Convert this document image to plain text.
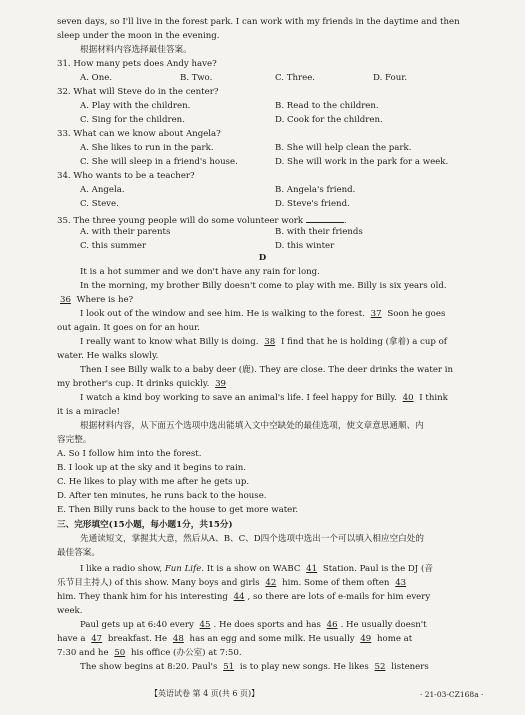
seven days, so I'll live in the forest park. I can work with my friends in the daytime and then
sleep under the moon in the evening.
根据材料内容选择最佳答案。
31. How many pets does Andy have?
A. One.	B. Two.	C. Three.	D. Four.
32. What will Steve do in the center?
A. Play with the children.	B. Read to the children.
C. Sing for the children.	D. Cook for the children.
33. What can we know about Angela?
A. She likes to run in the park.	B. She will help clean the park.
C. She will sleep in a friend's house.	D. She will work in the park for a week.
34. Who wants to be a teacher?
A. Angela.	B. Angela's friend.
C. Steve.	D. Steve's friend.
35. The three young people will do some volunteer work	.
A. with their parents	B. with their friends
C. this summer	D. this winter
D
It is a hot summer and we don't have any rain for long.
In the morning, my brother Billy doesn't come to play with me. Billy is six years old.
36 Where is he?
I look out of the window and see him. He is walking to the forest. 37 Soon he goes
out again. It goes on for an hour.
I really want to know what Billy is doing. 38 I find that he is holding (拿着) a cup of
water. He walks slowly.
Then I see Billy walk to a baby deer (鹿). They are close. The deer drinks the water in
my brother's cup. It drinks quickly. 39
I watch a kind boy working to save an animal's life. I feel happy for Billy. 40 I think
it is a miracle!
根据材料内容，从下面五个选项中选出能填入文中空缺处的最佳选项，使文章意思通顺、内
容完整。
A. So I follow him into the forest.
B. I look up at the sky and it begins to rain.
C. He likes to play with me after he gets up.
D. After ten minutes, he runs back to the house.
E. Then Billy runs back to the house to get more water.
三、完形填空(15小题，每小题1分，共15分)
先通读短文，掌握其大意，然后从A、B、C、D四个选项中选出一个可以填入相应空白处的
最佳答案。
I like a radio show, Fun Life. It is a show on WABC 41 Station. Paul is the DJ (音
乐节目主持人) of this show. Many boys and girls 42 him. Some of them often 43
him. They thank him for his interesting 44 , so there are lots of e-mails for him every
week.
Paul gets up at 6:40 every 45 . He does sports and has 46 . He usually doesn't
have a 47 breakfast. He 48 has an egg and some milk. He usually 49 home at
7:30 and he 50 his office (办公室) at 7:50.
The show begins at 8:20. Paul's 51 is to play new songs. He likes 52 listeners
【英语试卷 第 4 页(共 6 页)】	· 21-03-CZ168a ·
